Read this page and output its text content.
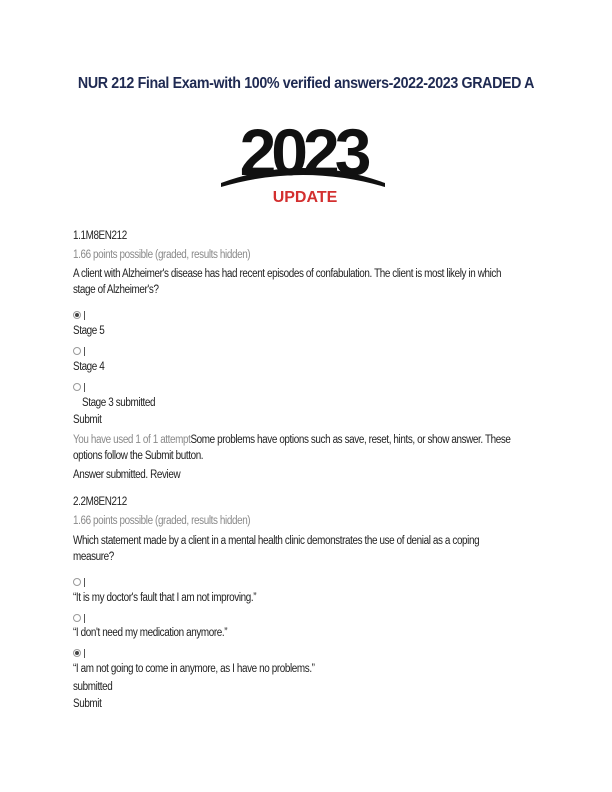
NUR 212 Final Exam-with 100% verified answers-2022-2023 GRADED A
2023
UPDATE
1.1M8EN212
1.66 points possible (graded, results hidden)
A client with Alzheimer's disease has had recent episodes of confabulation. The client is most likely in which stage of Alzheimer's?
Stage 5
Stage 4
Stage 3 submitted
Submit
You have used 1 of 1 attemptSome problems have options such as save, reset, hints, or show answer. These options follow the Submit button.
Answer submitted. Review
2.2M8EN212
1.66 points possible (graded, results hidden)
Which statement made by a client in a mental health clinic demonstrates the use of denial as a coping measure?
“It is my doctor's fault that I am not improving.”
“I don't need my medication anymore.”
“I am not going to come in anymore, as I have no problems.”
submitted
Submit
